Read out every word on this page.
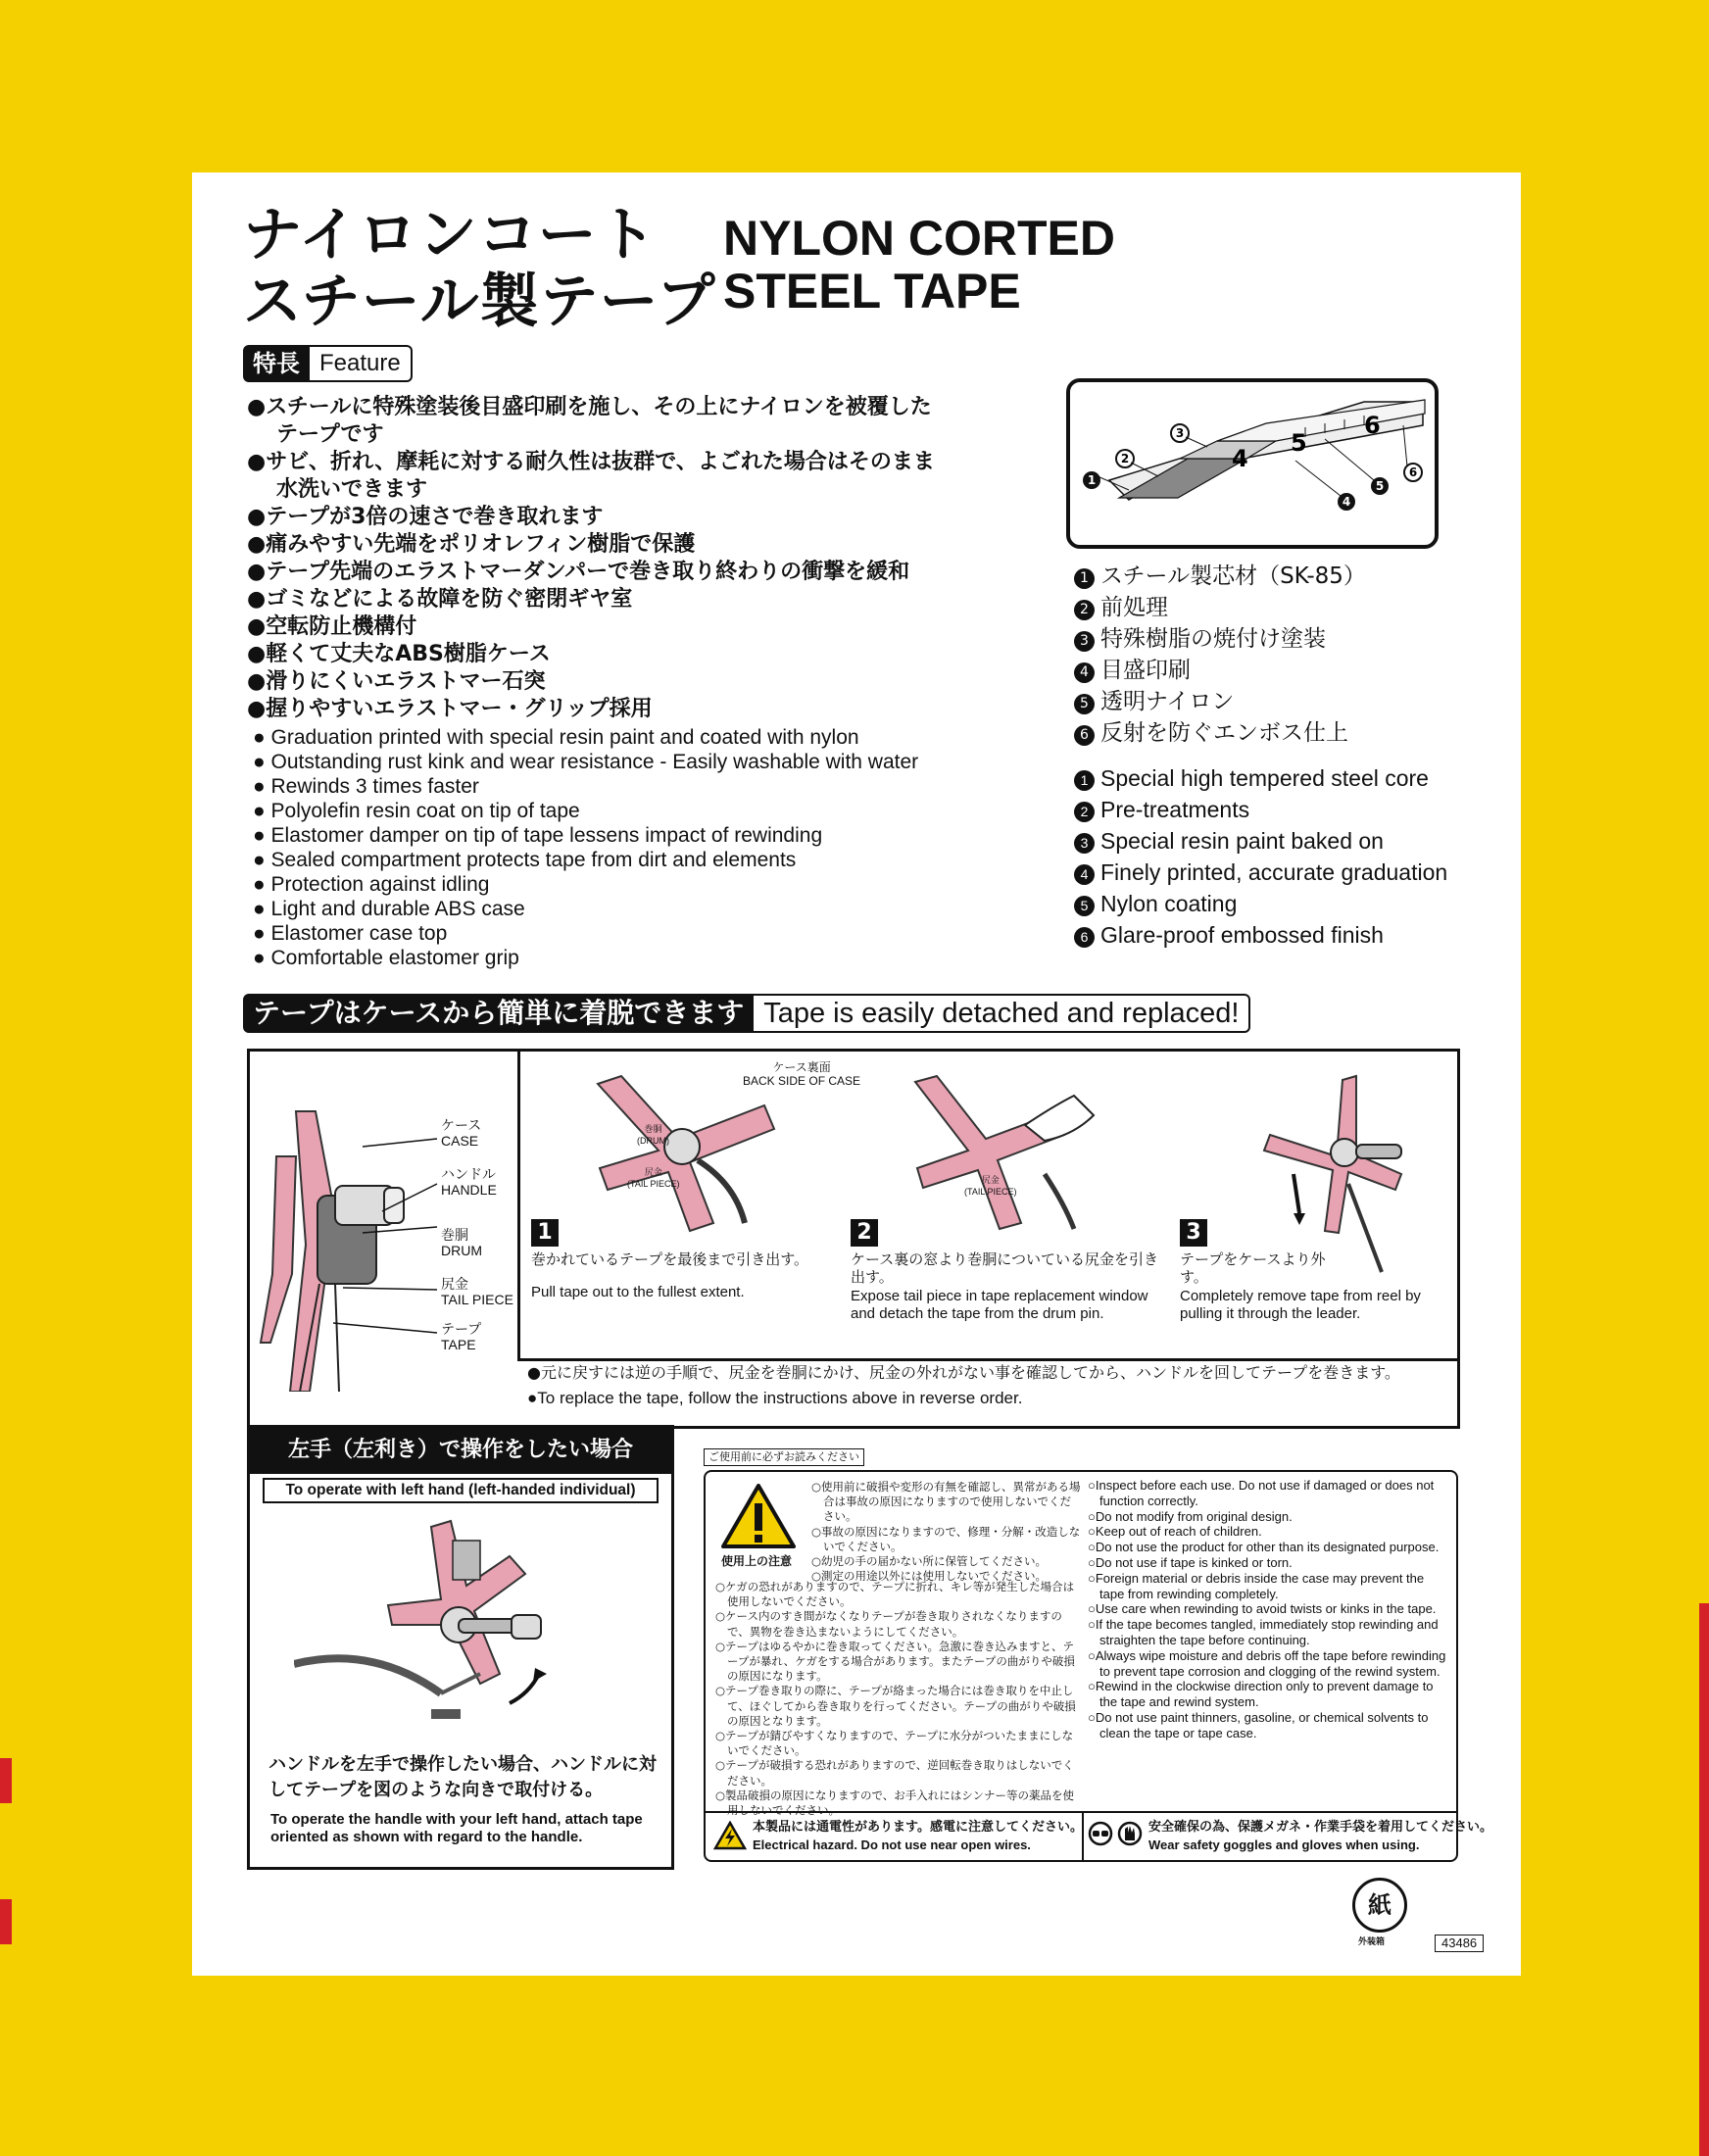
ナイロンコート
スチール製テープ
NYLON CORTED
STEEL TAPE
特長 Feature
●スチールに特殊塗装後目盛印刷を施し、その上にナイロンを被覆した　テープです
●サビ、折れ、摩耗に対する耐久性は抜群で、よごれた場合はそのまま　水洗いできます
●テープが3倍の速さで巻き取れます
●痛みやすい先端をポリオレフィン樹脂で保護
●テープ先端のエラストマーダンパーで巻き取り終わりの衝撃を緩和
●ゴミなどによる故障を防ぐ密閉ギヤ室
●空転防止機構付
●軽くて丈夫なABS樹脂ケース
●滑りにくいエラストマー石突
●握りやすいエラストマー・グリップ採用
● Graduation printed with special resin paint and coated with nylon
● Outstanding rust kink and wear resistance - Easily washable with water
● Rewinds 3 times faster
● Polyolefin resin coat on tip of tape
● Elastomer damper on tip of tape lessens impact of rewinding
● Sealed compartment protects tape from dirt and elements
● Protection against idling
● Light and durable ABS case
● Elastomer case top
● Comfortable elastomer grip
4
5
6
1
2
3
4
5
6
1 スチール製芯材（SK-85）
2 前処理
3 特殊樹脂の焼付け塗装
4 目盛印刷
5 透明ナイロン
6 反射を防ぐエンボス仕上
1 Special high tempered steel core
2 Pre-treatments
3 Special resin paint baked on
4 Finely printed, accurate graduation
5 Nylon coating
6 Glare-proof embossed finish
テープはケースから簡単に着脱できます Tape is easily detached and replaced!
ケース
CASE
ハンドル
HANDLE
巻胴
DRUM
尻金
TAIL PIECE
テープ
TAPE
ケース裏面
BACK SIDE OF CASE
巻胴
(DRUM)
尻金
(TAIL PIECE)	尻金
(TAIL PIECE)
1
巻かれているテープを最後まで引き出す。
Pull tape out to the fullest extent.
2
ケース裏の窓より巻胴についている尻金を引き出す。
Expose tail piece in tape replacement window and detach the tape from the drum pin.
3
テープをケースより外す。
Completely remove tape from reel by pulling it through the leader.
●元に戻すには逆の手順で、尻金を巻胴にかけ、尻金の外れがない事を確認してから、ハンドルを回してテープを巻きます。
●To replace the tape, follow the instructions above in reverse order.
左手（左利き）で操作をしたい場合
To operate with left hand (left-handed individual)
ハンドルを左手で操作したい場合、ハンドルに対してテープを図のような向きで取付ける。
To operate the handle with your left hand, attach tape oriented as shown with regard to the handle.
ご使用前に必ずお読みください
使用上の注意
○使用前に破損や変形の有無を確認し、異常がある場合は事故の原因になりますので使用しないでください。
○事故の原因になりますので、修理・分解・改造しないでください。
○幼児の手の届かない所に保管してください。
○測定の用途以外には使用しないでください。
○ケガの恐れがありますので、テープに折れ、キレ等が発生した場合は使用しないでください。
○ケース内のすき間がなくなりテープが巻き取りされなくなりますので、異物を巻き込まないようにしてください。
○テープはゆるやかに巻き取ってください。急激に巻き込みますと、テープが暴れ、ケガをする場合があります。またテープの曲がりや破損の原因になります。
○テープ巻き取りの際に、テープが絡まった場合には巻き取りを中止して、ほぐしてから巻き取りを行ってください。テープの曲がりや破損の原因となります。
○テープが錆びやすくなりますので、テープに水分がついたままにしないでください。
○テープが破損する恐れがありますので、逆回転巻き取りはしないでください。
○製品破損の原因になりますので、お手入れにはシンナー等の薬品を使
○Inspect before each use. Do not use if damaged or does not function correctly.
○Do not modify from original design.
○Keep out of reach of children.
○Do not use the product for other than its designated purpose.
○Do not use if tape is kinked or torn.
○Foreign material or debris inside the case may prevent the tape from rewinding completely.
○Use care when rewinding to avoid twists or kinks in the tape.
○If the tape becomes tangled, immediately stop rewinding and straighten the tape before continuing.
○Always wipe moisture and debris off the tape before rewinding to prevent tape corrosion and clogging of the rewind system.
○Rewind in the clockwise direction only to prevent damage to the tape and rewind system.
○Do not use paint thinners, gasoline, or chemical solvents to clean the tape or tape case.
本製品には通電性があります。感電に注意してください。
Electrical hazard. Do not use near open wires.
安全確保の為、保護メガネ・作業手袋を着用してください。
Wear safety goggles and gloves when using.
紙
外装箱	43486
